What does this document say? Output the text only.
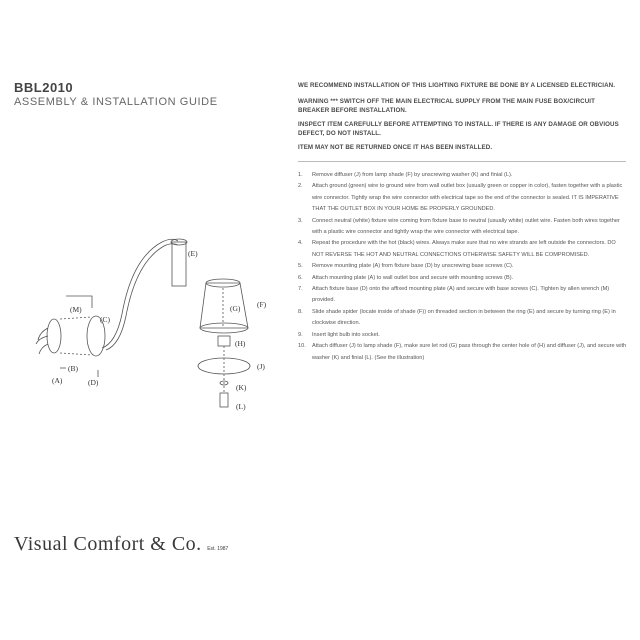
BBL2010
ASSEMBLY & INSTALLATION GUIDE
WE RECOMMEND INSTALLATION OF THIS LIGHTING FIXTURE BE DONE BY A LICENSED ELECTRICIAN.
WARNING *** SWITCH OFF THE MAIN ELECTRICAL SUPPLY FROM THE MAIN FUSE BOX/CIRCUIT BREAKER BEFORE INSTALLATION.
INSPECT ITEM CAREFULLY BEFORE ATTEMPTING TO INSTALL. IF THERE IS ANY DAMAGE OR OBVIOUS DEFECT, DO NOT INSTALL.
ITEM MAY NOT BE RETURNED ONCE IT HAS BEEN INSTALLED.
1. Remove diffuser (J) from lamp shade (F) by unscrewing washer (K) and finial (L).
2. Attach ground (green) wire to ground wire from wall outlet box (usually green or copper in color), fasten together with a plastic wire connector. Tightly wrap the wire connector with electrical tape so the end of the connector is sealed. IT IS IMPERATIVE THAT THE OUTLET BOX IN YOUR HOME BE PROPERLY GROUNDED.
3. Connect neutral (white) fixture wire coming from fixture base to neutral (usually white) outlet wire. Fasten both wires together with a plastic wire connector and tightly wrap the wire connector with electrical tape.
4. Repeat the procedure with the hot (black) wires. Always make sure that no wire strands are left outside the connectors. DO NOT REVERSE THE HOT AND NEUTRAL CONNECTIONS OTHERWISE SAFETY WILL BE COMPROMISED.
5. Remove mounting plate (A) from fixture base (D) by unscrewing base screws (C).
6. Attach mounting plate (A) to wall outlet box and secure with mounting screws (B).
7. Attach fixture base (D) onto the affixed mounting plate (A) and secure with base screws (C). Tighten by allen wrench (M) provided.
8. Slide shade spider (locate inside of shade (F)) on threaded section in between the ring (E) and secure by turning ring (E) in clockwise direction.
9. Insert light bulb into socket.
10. Attach diffuser (J) to lamp shade (F), make sure let rod (G) pass through the center hole of (H) and diffuser (J), and secure with washer (K) and finial (L). (See the illustration)
(E)
(F)
(G)
(H)
(J)
(K)
(L)
(M)
(C)
(B)
(A)	(D)
Visual Comfort & Co. Est. 1987
